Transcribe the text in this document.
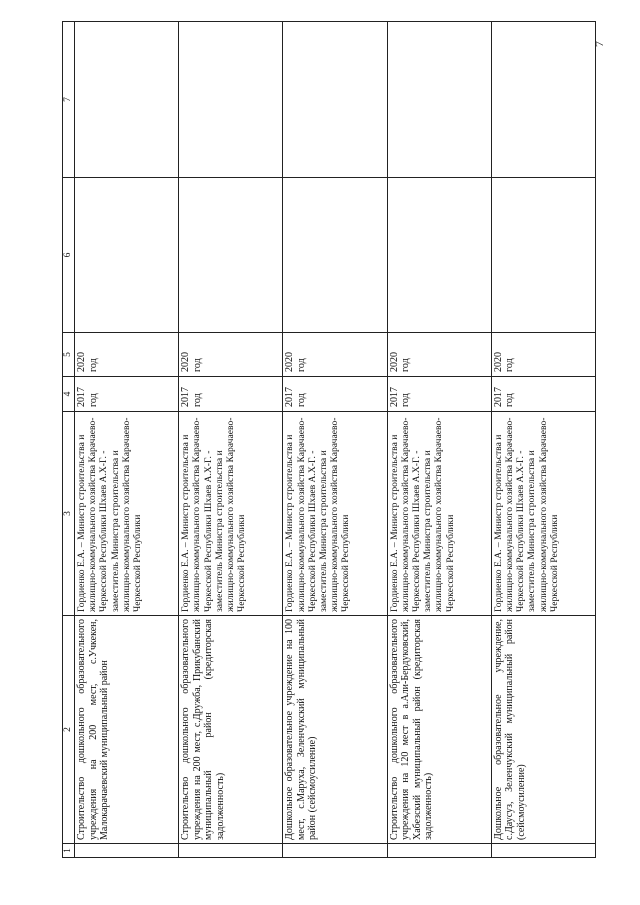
7
1	2	3	4	5	6	7
	Строительство дошкольного образовательного учреждения на 200 мест, с.Учкекен, Малокарачаевский муниципальный район	Гордиенко Е.А. – Министр строительства и жилищно-коммунального хозяйства Карачаево-Черкесской Республики Шхаев А.Х-Г. - заместитель Министра строительства и жилищно-коммунального хозяйства Карачаево-Черкесской Республики	2017 год	2020 год		
	Строительство дошкольного образовательного учреждения на 200 мест, с.Дружба, Прикубанский муниципальный район (кредиторская задолженность)	Гордиенко Е.А. – Министр строительства и жилищно-коммунального хозяйства Карачаево-Черкесской Республики Шхаев А.Х-Г. - заместитель Министра строительства и жилищно-коммунального хозяйства Карачаево-Черкесской Республики	2017 год	2020 год		
	Дошкольное образовательное учреждение на 100 мест, с.Маруха, Зеленчукский муниципальный район (сейсмоусиление)	Гордиенко Е.А. – Министр строительства и жилищно-коммунального хозяйства Карачаево-Черкесской Республики Шхаев А.Х-Г. - заместитель Министра строительства и жилищно-коммунального хозяйства Карачаево-Черкесской Республики	2017 год	2020 год		
	Строительство дошкольного образовательного учреждения на 120 мест в а.Али-Бердуковский, Хабезский муниципальный район (кредиторская задолженность)	Гордиенко Е.А. – Министр строительства и жилищно-коммунального хозяйства Карачаево-Черкесской Республики Шхаев А.Х-Г. - заместитель Министра строительства и жилищно-коммунального хозяйства Карачаево-Черкесской Республики	2017 год	2020 год		
	Дошкольное образовательное учреждение, с.Даусуз, Зеленчукский муниципальный район (сейсмоусиление)	Гордиенко Е.А. – Министр строительства и жилищно-коммунального хозяйства Карачаево-Черкесской Республики Шхаев А.Х-Г. - заместитель Министра строительства и жилищно-коммунального хозяйства Карачаево-Черкесской Республики	2017 год	2020 год		
